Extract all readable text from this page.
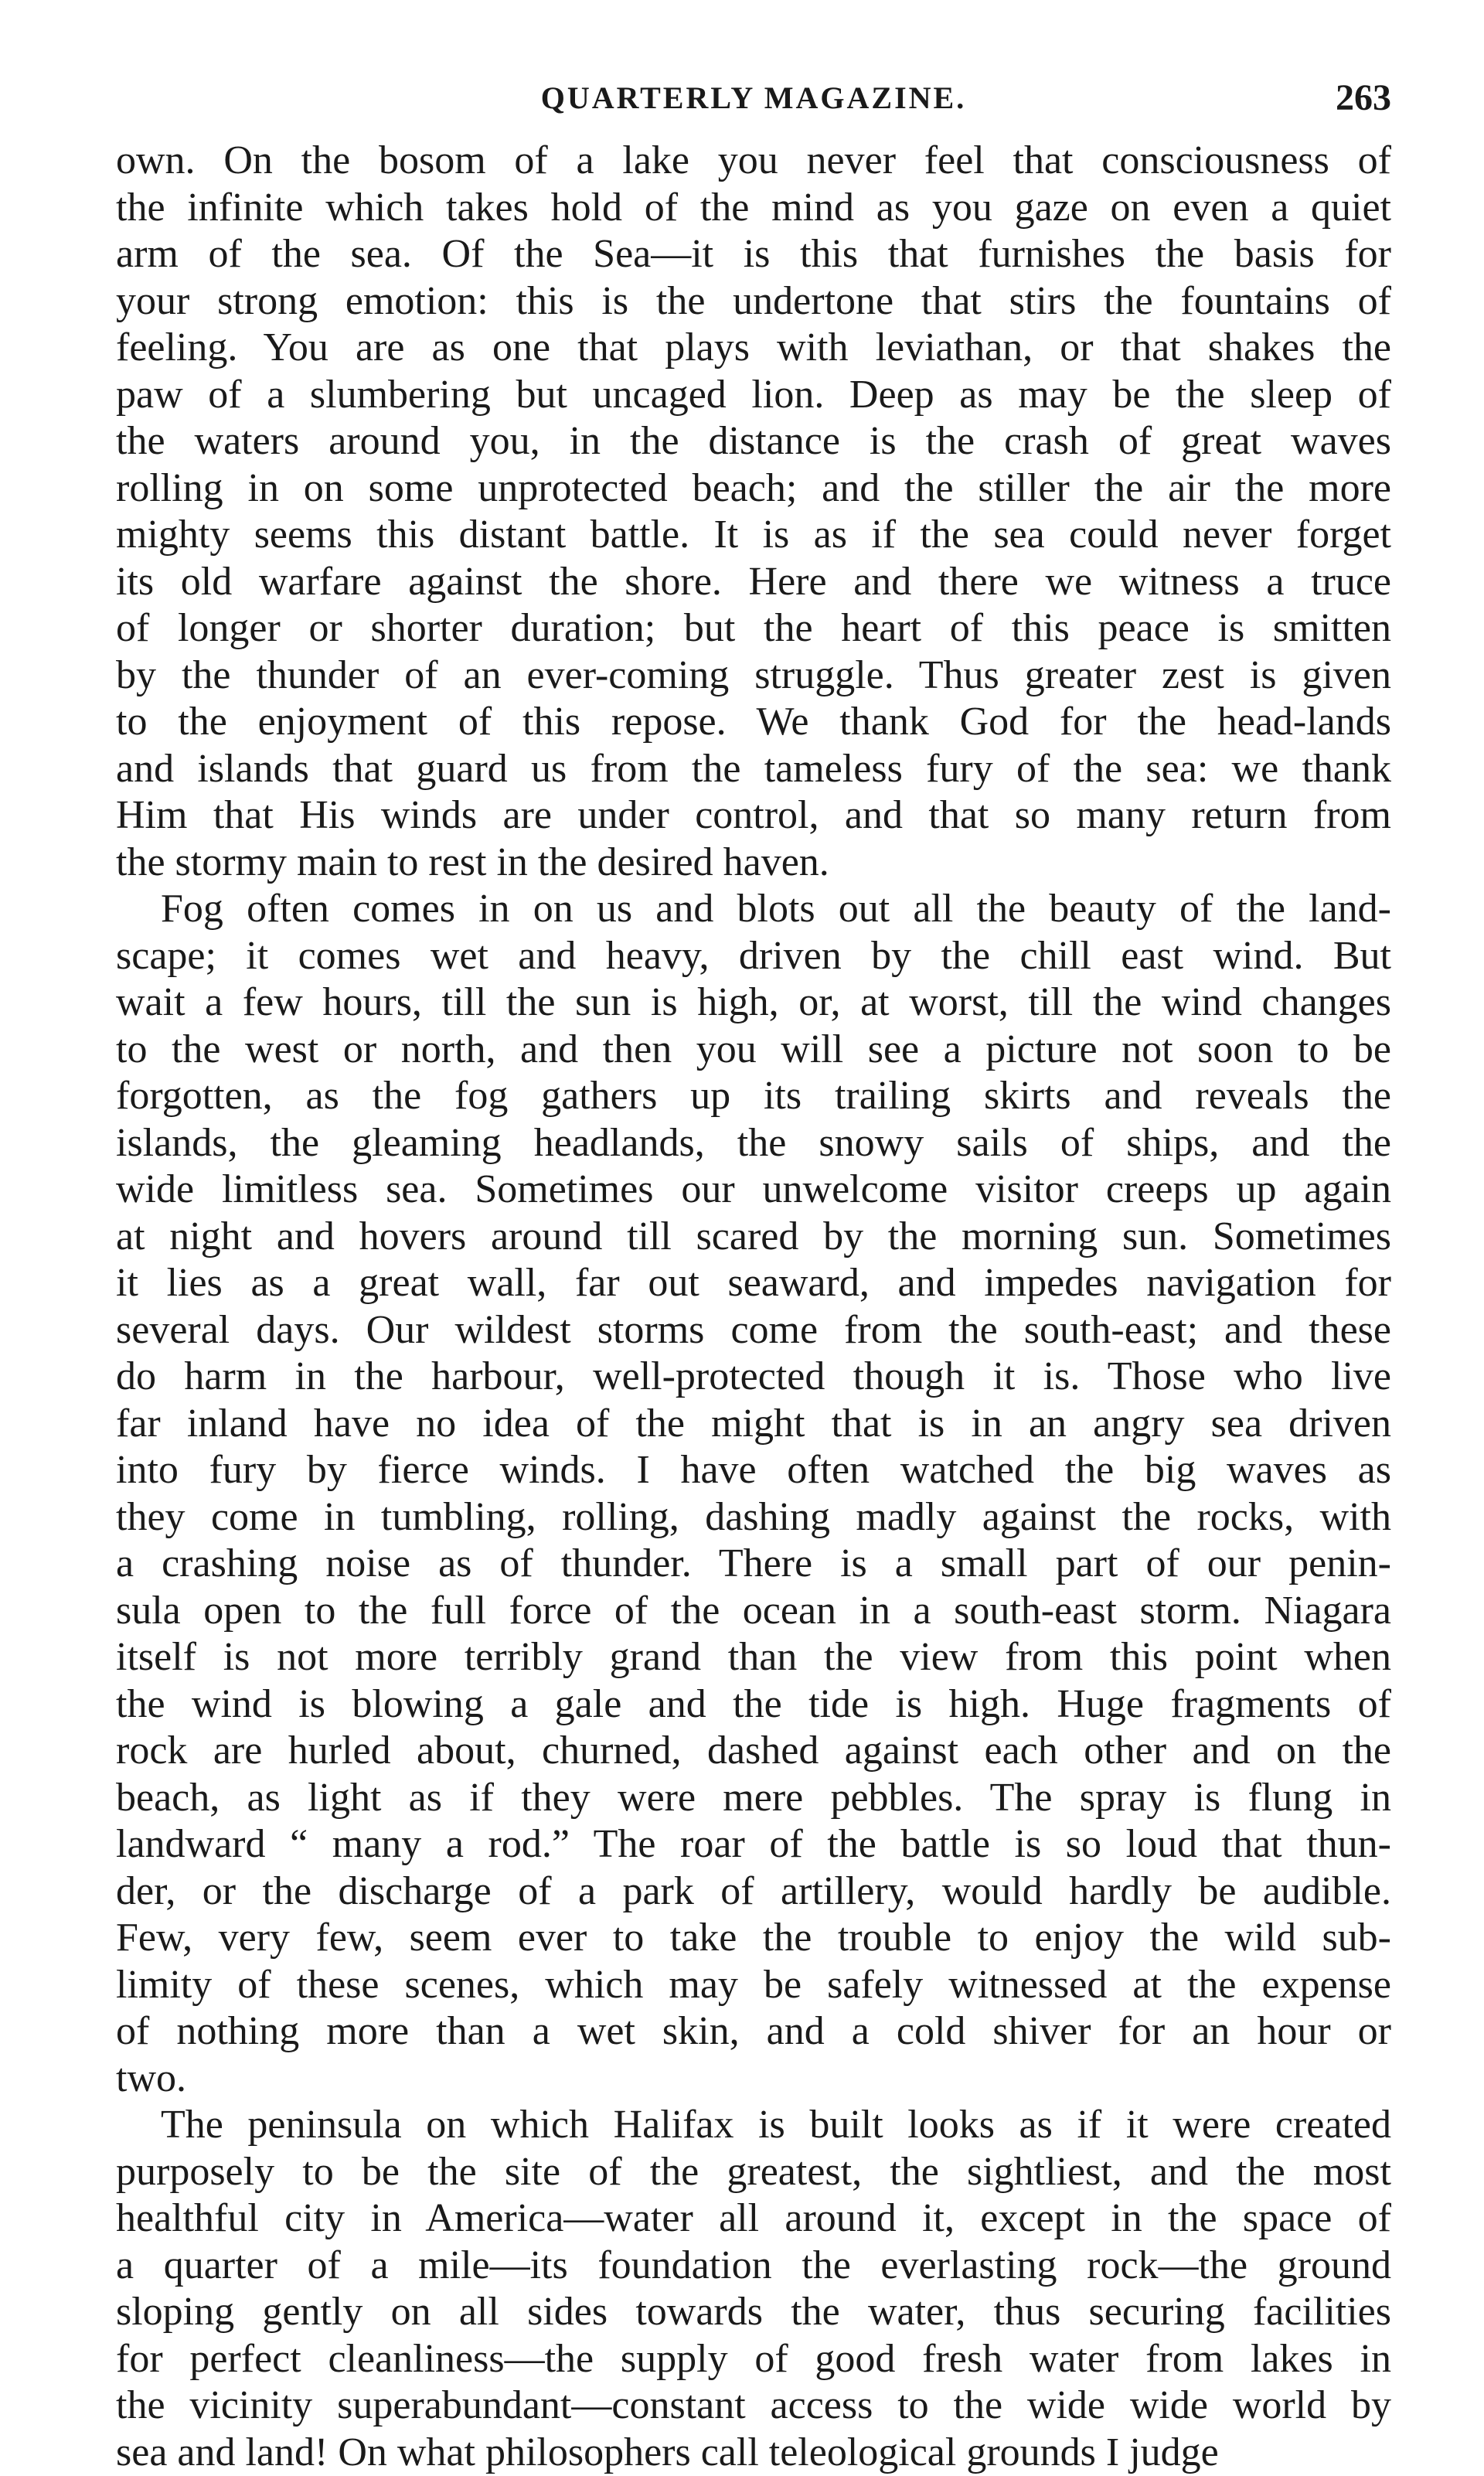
QUARTERLY MAGAZINE.	263
own. On the bosom of a lake you never feel that consciousness of
the infinite which takes hold of the mind as you gaze on even a quiet
arm of the sea. Of the Sea—it is this that furnishes the basis for
your strong emotion: this is the undertone that stirs the fountains of
feeling. You are as one that plays with leviathan, or that shakes the
paw of a slumbering but uncaged lion. Deep as may be the sleep of
the waters around you, in the distance is the crash of great waves
rolling in on some unprotected beach; and the stiller the air the more
mighty seems this distant battle. It is as if the sea could never forget
its old warfare against the shore. Here and there we witness a truce
of longer or shorter duration; but the heart of this peace is smitten
by the thunder of an ever-coming struggle. Thus greater zest is given
to the enjoyment of this repose. We thank God for the head-lands
and islands that guard us from the tameless fury of the sea: we thank
Him that His winds are under control, and that so many return from
the stormy main to rest in the desired haven.
Fog often comes in on us and blots out all the beauty of the land-
scape; it comes wet and heavy, driven by the chill east wind. But
wait a few hours, till the sun is high, or, at worst, till the wind changes
to the west or north, and then you will see a picture not soon to be
forgotten, as the fog gathers up its trailing skirts and reveals the
islands, the gleaming headlands, the snowy sails of ships, and the
wide limitless sea. Sometimes our unwelcome visitor creeps up again
at night and hovers around till scared by the morning sun. Sometimes
it lies as a great wall, far out seaward, and impedes navigation for
several days. Our wildest storms come from the south-east; and these
do harm in the harbour, well-protected though it is. Those who live
far inland have no idea of the might that is in an angry sea driven
into fury by fierce winds. I have often watched the big waves as
they come in tumbling, rolling, dashing madly against the rocks, with
a crashing noise as of thunder. There is a small part of our penin-
sula open to the full force of the ocean in a south-east storm. Niagara
itself is not more terribly grand than the view from this point when
the wind is blowing a gale and the tide is high. Huge fragments of
rock are hurled about, churned, dashed against each other and on the
beach, as light as if they were mere pebbles. The spray is flung in
landward “ many a rod.” The roar of the battle is so loud that thun-
der, or the discharge of a park of artillery, would hardly be audible.
Few, very few, seem ever to take the trouble to enjoy the wild sub-
limity of these scenes, which may be safely witnessed at the expense
of nothing more than a wet skin, and a cold shiver for an hour or
two.
The peninsula on which Halifax is built looks as if it were created
purposely to be the site of the greatest, the sightliest, and the most
healthful city in America—water all around it, except in the space of
a quarter of a mile—its foundation the everlasting rock—the ground
sloping gently on all sides towards the water, thus securing facilities
for perfect cleanliness—the supply of good fresh water from lakes in
the vicinity superabundant—constant access to the wide wide world by
sea and land! On what philosophers call teleological grounds I judge
